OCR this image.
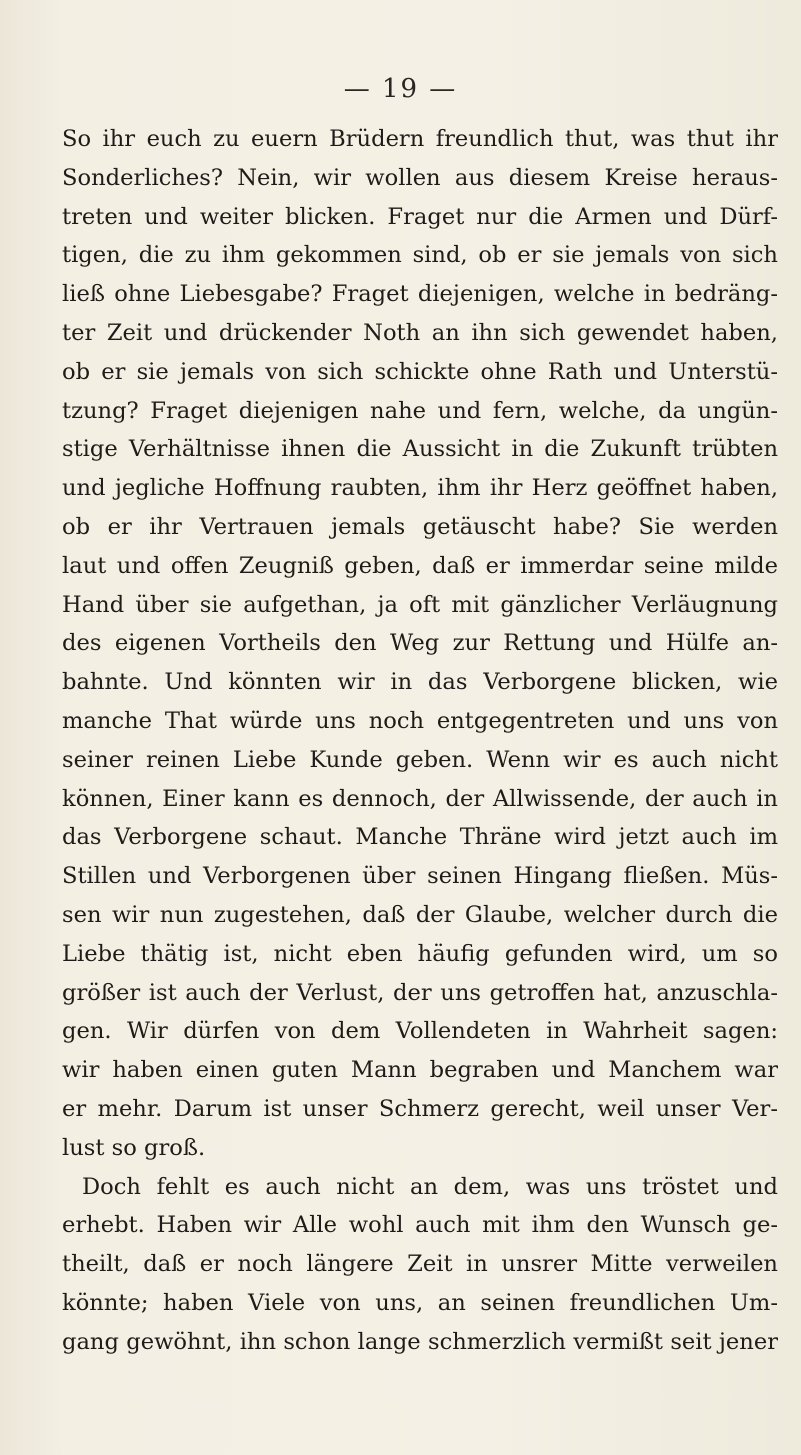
— 19 —
So ihr euch zu euern Brüdern freundlich thut, was thut ihr
Sonderliches? Nein, wir wollen aus diesem Kreise heraus-
treten und weiter blicken. Fraget nur die Armen und Dürf-
tigen, die zu ihm gekommen sind, ob er sie jemals von sich
ließ ohne Liebesgabe? Fraget diejenigen, welche in bedräng-
ter Zeit und drückender Noth an ihn sich gewendet haben,
ob er sie jemals von sich schickte ohne Rath und Unterstü-
tzung? Fraget diejenigen nahe und fern, welche, da ungün-
stige Verhältnisse ihnen die Aussicht in die Zukunft trübten
und jegliche Hoffnung raubten, ihm ihr Herz geöffnet haben,
ob er ihr Vertrauen jemals getäuscht habe? Sie werden
laut und offen Zeugniß geben, daß er immerdar seine milde
Hand über sie aufgethan, ja oft mit gänzlicher Verläugnung
des eigenen Vortheils den Weg zur Rettung und Hülfe an-
bahnte. Und könnten wir in das Verborgene blicken, wie
manche That würde uns noch entgegentreten und uns von
seiner reinen Liebe Kunde geben. Wenn wir es auch nicht
können, Einer kann es dennoch, der Allwissende, der auch in
das Verborgene schaut. Manche Thräne wird jetzt auch im
Stillen und Verborgenen über seinen Hingang fließen. Müs-
sen wir nun zugestehen, daß der Glaube, welcher durch die
Liebe thätig ist, nicht eben häufig gefunden wird, um so
größer ist auch der Verlust, der uns getroffen hat, anzuschla-
gen. Wir dürfen von dem Vollendeten in Wahrheit sagen:
wir haben einen guten Mann begraben und Manchem war
er mehr. Darum ist unser Schmerz gerecht, weil unser Ver-
lust so groß.
Doch fehlt es auch nicht an dem, was uns tröstet und
erhebt. Haben wir Alle wohl auch mit ihm den Wunsch ge-
theilt, daß er noch längere Zeit in unsrer Mitte verweilen
könnte; haben Viele von uns, an seinen freundlichen Um-
gang gewöhnt, ihn schon lange schmerzlich vermißt seit jener
